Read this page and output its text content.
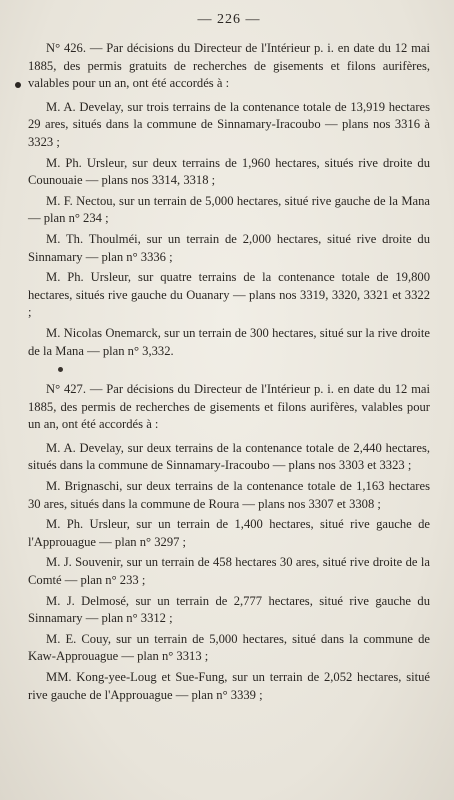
— 226 —

N° 426. — Par décisions du Directeur de l'Intérieur p. i. en date du 12 mai 1885, des permis gratuits de recherches de gisements et filons aurifères, valables pour un an, ont été accordés à :

M. A. Develay, sur trois terrains de la contenance totale de 13,919 hectares 29 ares, situés dans la commune de Sinnamary-Iracoubo — plans nos 3316 à 3323 ;

M. Ph. Ursleur, sur deux terrains de 1,960 hectares, situés rive droite du Counouaie — plans nos 3314, 3318 ;

M. F. Nectou, sur un terrain de 5,000 hectares, situé rive gauche de la Mana — plan n° 234 ;

M. Th. Thoulméi, sur un terrain de 2,000 hectares, situé rive droite du Sinnamary — plan n° 3336 ;

M. Ph. Ursleur, sur quatre terrains de la contenance totale de 19,800 hectares, situés rive gauche du Ouanary — plans nos 3319, 3320, 3321 et 3322 ;

M. Nicolas Onemarck, sur un terrain de 300 hectares, situé sur la rive droite de la Mana — plan n° 3,332.

N° 427. — Par décisions du Directeur de l'Intérieur p. i. en date du 12 mai 1885, des permis de recherches de gisements et filons aurifères, valables pour un an, ont été accordés à :

M. A. Develay, sur deux terrains de la contenance totale de 2,440 hectares, situés dans la commune de Sinnamary-Iracoubo — plans nos 3303 et 3323 ;

M. Brignaschi, sur deux terrains de la contenance totale de 1,163 hectares 30 ares, situés dans la commune de Roura — plans nos 3307 et 3308 ;

M. Ph. Ursleur, sur un terrain de 1,400 hectares, situé rive gauche de l'Approuague — plan n° 3297 ;

M. J. Souvenir, sur un terrain de 458 hectares 30 ares, situé rive droite de la Comté — plan n° 233 ;

M. J. Delmosé, sur un terrain de 2,777 hectares, situé rive gauche du Sinnamary — plan n° 3312 ;

M. E. Couy, sur un terrain de 5,000 hectares, situé dans la commune de Kaw-Approuague — plan n° 3313 ;

MM. Kong-yee-Loug et Sue-Fung, sur un terrain de 2,052 hectares, situé rive gauche de l'Approuague — plan n° 3339 ;
